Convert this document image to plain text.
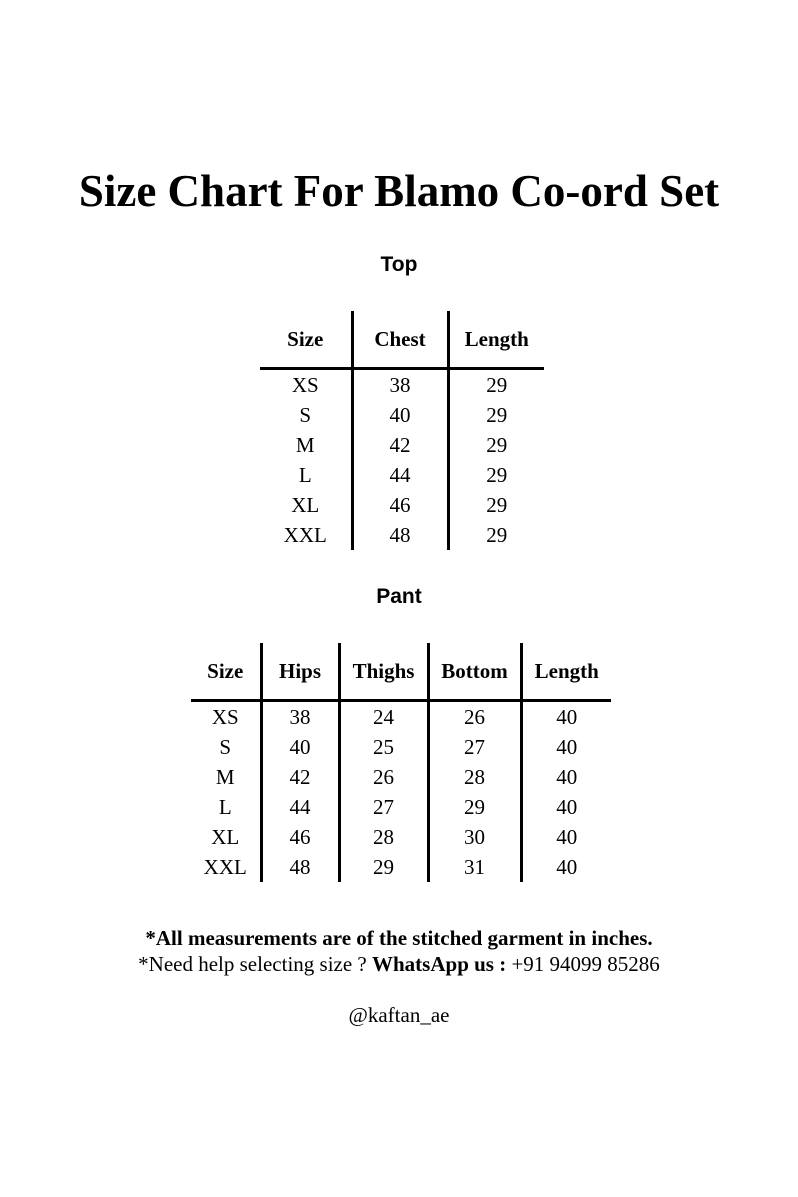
Size Chart For Blamo Co-ord Set
Top
Size	Chest	Length
XS	38	29
S	40	29
M	42	29
L	44	29
XL	46	29
XXL	48	29
Pant
Size	Hips	Thighs	Bottom	Length
XS	38	24	26	40
S	40	25	27	40
M	42	26	28	40
L	44	27	29	40
XL	46	28	30	40
XXL	48	29	31	40
*All measurements are of the stitched garment in inches.
*Need help selecting size ? WhatsApp us : +91 94099 85286
@kaftan_ae
